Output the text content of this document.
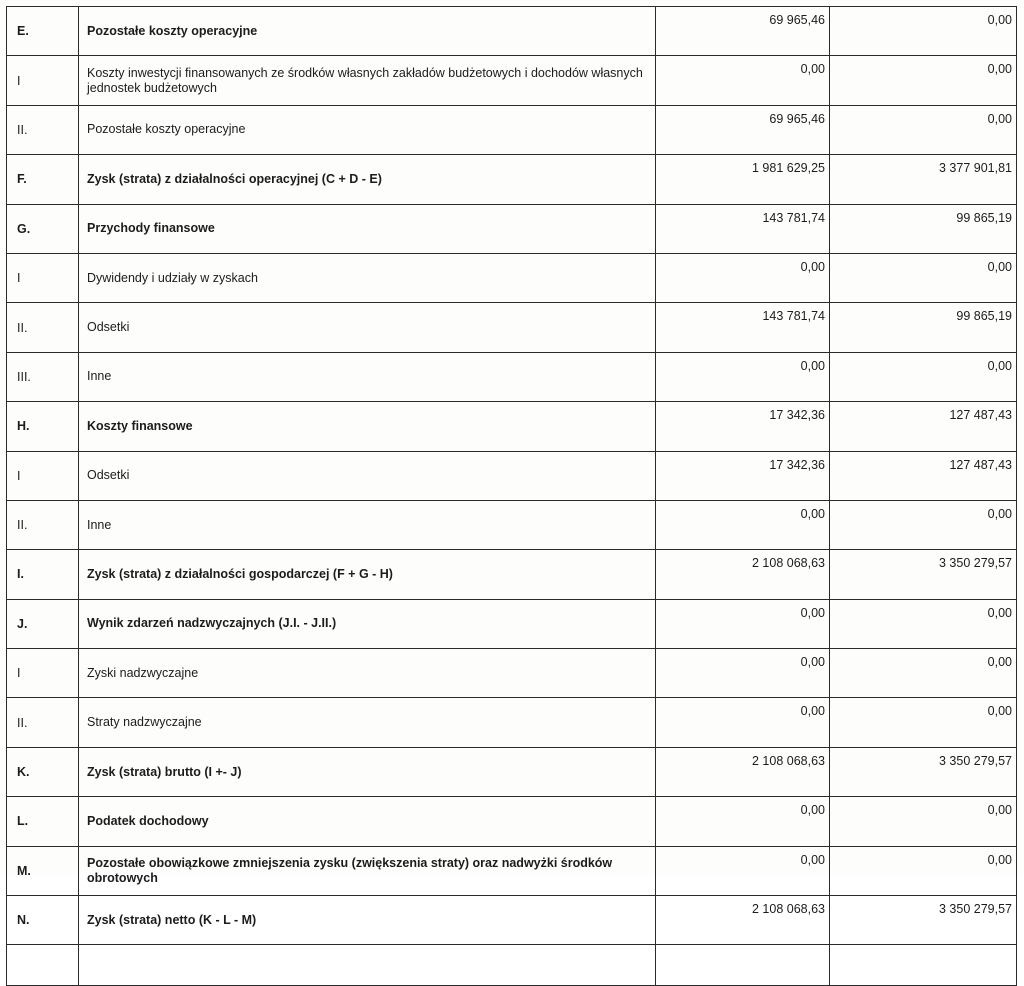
E.	Pozostałe koszty operacyjne	69 965,46	0,00
I	Koszty inwestycji finansowanych ze środków własnych zakładów budżetowych i dochodów własnych jednostek budżetowych	0,00	0,00
II.	Pozostałe koszty operacyjne	69 965,46	0,00
F.	Zysk (strata) z działalności operacyjnej (C + D - E)	1 981 629,25	3 377 901,81
G.	Przychody finansowe	143 781,74	99 865,19
I	Dywidendy i udziały w zyskach	0,00	0,00
II.	Odsetki	143 781,74	99 865,19
III.	Inne	0,00	0,00
H.	Koszty finansowe	17 342,36	127 487,43
I	Odsetki	17 342,36	127 487,43
II.	Inne	0,00	0,00
I.	Zysk (strata) z działalności gospodarczej (F + G - H)	2 108 068,63	3 350 279,57
J.	Wynik zdarzeń nadzwyczajnych (J.I. - J.II.)	0,00	0,00
I	Zyski nadzwyczajne	0,00	0,00
II.	Straty nadzwyczajne	0,00	0,00
K.	Zysk (strata) brutto (I +- J)	2 108 068,63	3 350 279,57
L.	Podatek dochodowy	0,00	0,00
M.	Pozostałe obowiązkowe zmniejszenia zysku (zwiększenia straty) oraz nadwyżki środków obrotowych	0,00	0,00
N.	Zysk (strata) netto (K - L - M)	2 108 068,63	3 350 279,57
